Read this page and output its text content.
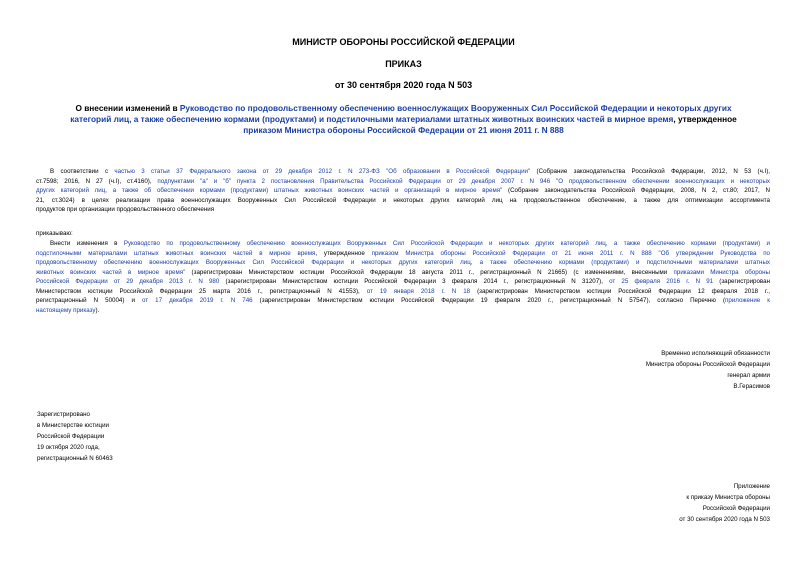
МИНИСТР ОБОРОНЫ РОССИЙСКОЙ ФЕДЕРАЦИИ
ПРИКАЗ
от 30 сентября 2020 года N 503
О внесении изменений в Руководство по продовольственному обеспечению военнослужащих Вооруженных Сил Российской Федерации и некоторых других
категорий лиц, а также обеспечению кормами (продуктами) и подстилочными материалами штатных животных воинских частей в мирное время, утвержденное
приказом Министра обороны Российской Федерации от 21 июня 2011 г. N 888
В соответствии с частью 3 статьи 37 Федерального закона от 29 декабря 2012 г. N 273-ФЗ "Об образовании в Российской Федерации" (Собрание законодательства Российской Федерации, 2012, N 53 (ч.I),
ст.7598; 2016, N 27 (ч.I), ст.4160), подпунктами "а" и "б" пункта 2 постановления Правительства Российской Федерации от 29 декабря 2007 г. N 946 "О продовольственном обеспечении военнослужащих и некоторых
других категорий лиц, а также об обеспечении кормами (продуктами) штатных животных воинских частей и организаций в мирное время" (Собрание законодательства Российской Федерации, 2008, N 2, ст.80; 2017, N
21, ст.3024) в целях реализации права военнослужащих Вооруженных Сил Российской Федерации и некоторых других категорий лиц на продовольственное обеспечение, а также для оптимизации ассортимента
продуктов при организации продовольственного обеспечения
приказываю:
Внести изменения в Руководство по продовольственному обеспечению военнослужащих Вооруженных Сил Российской Федерации и некоторых других категорий лиц, а также обеспечению кормами (продуктами) и
подстилочными материалами штатных животных воинских частей в мирное время, утвержденное приказом Министра обороны Российской Федерации от 21 июня 2011 г. N 888 "Об утверждении Руководства по
продовольственному обеспечению военнослужащих Вооруженных Сил Российской Федерации и некоторых других категорий лиц, а также обеспечению кормами (продуктами) и подстилочными материалами штатных
животных воинских частей в мирное время" (зарегистрирован Министерством юстиции Российской Федерации 18 августа 2011 г., регистрационный N 21665) (с изменениями, внесенными приказами Министра обороны
Российской Федерации от 29 декабря 2013 г. N 980 (зарегистрирован Министерством юстиции Российской Федерации 3 февраля 2014 г., регистрационный N 31207), от 25 февраля 2016 г. N 91 (зарегистрирован
Министерством юстиции Российской Федерации 25 марта 2016 г., регистрационный N 41553), от 19 января 2018 г. N 18 (зарегистрирован Министерством юстиции Российской Федерации 12 февраля 2018 г.,
регистрационный N 50004) и от 17 декабря 2019 г. N 746 (зарегистрирован Министерством юстиции Российской Федерации 19 февраля 2020 г., регистрационный N 57547), согласно Перечню (приложение к
настоящему приказу).
Временно исполняющий обязанности
Министра обороны Российской Федерации
генерал армии
В.Герасимов
Зарегистрировано
в Министерстве юстиции
Российской Федерации
19 октября 2020 года,
регистрационный N 60463
Приложение
к приказу Министра обороны
Российской Федерации
от 30 сентября 2020 года N 503
